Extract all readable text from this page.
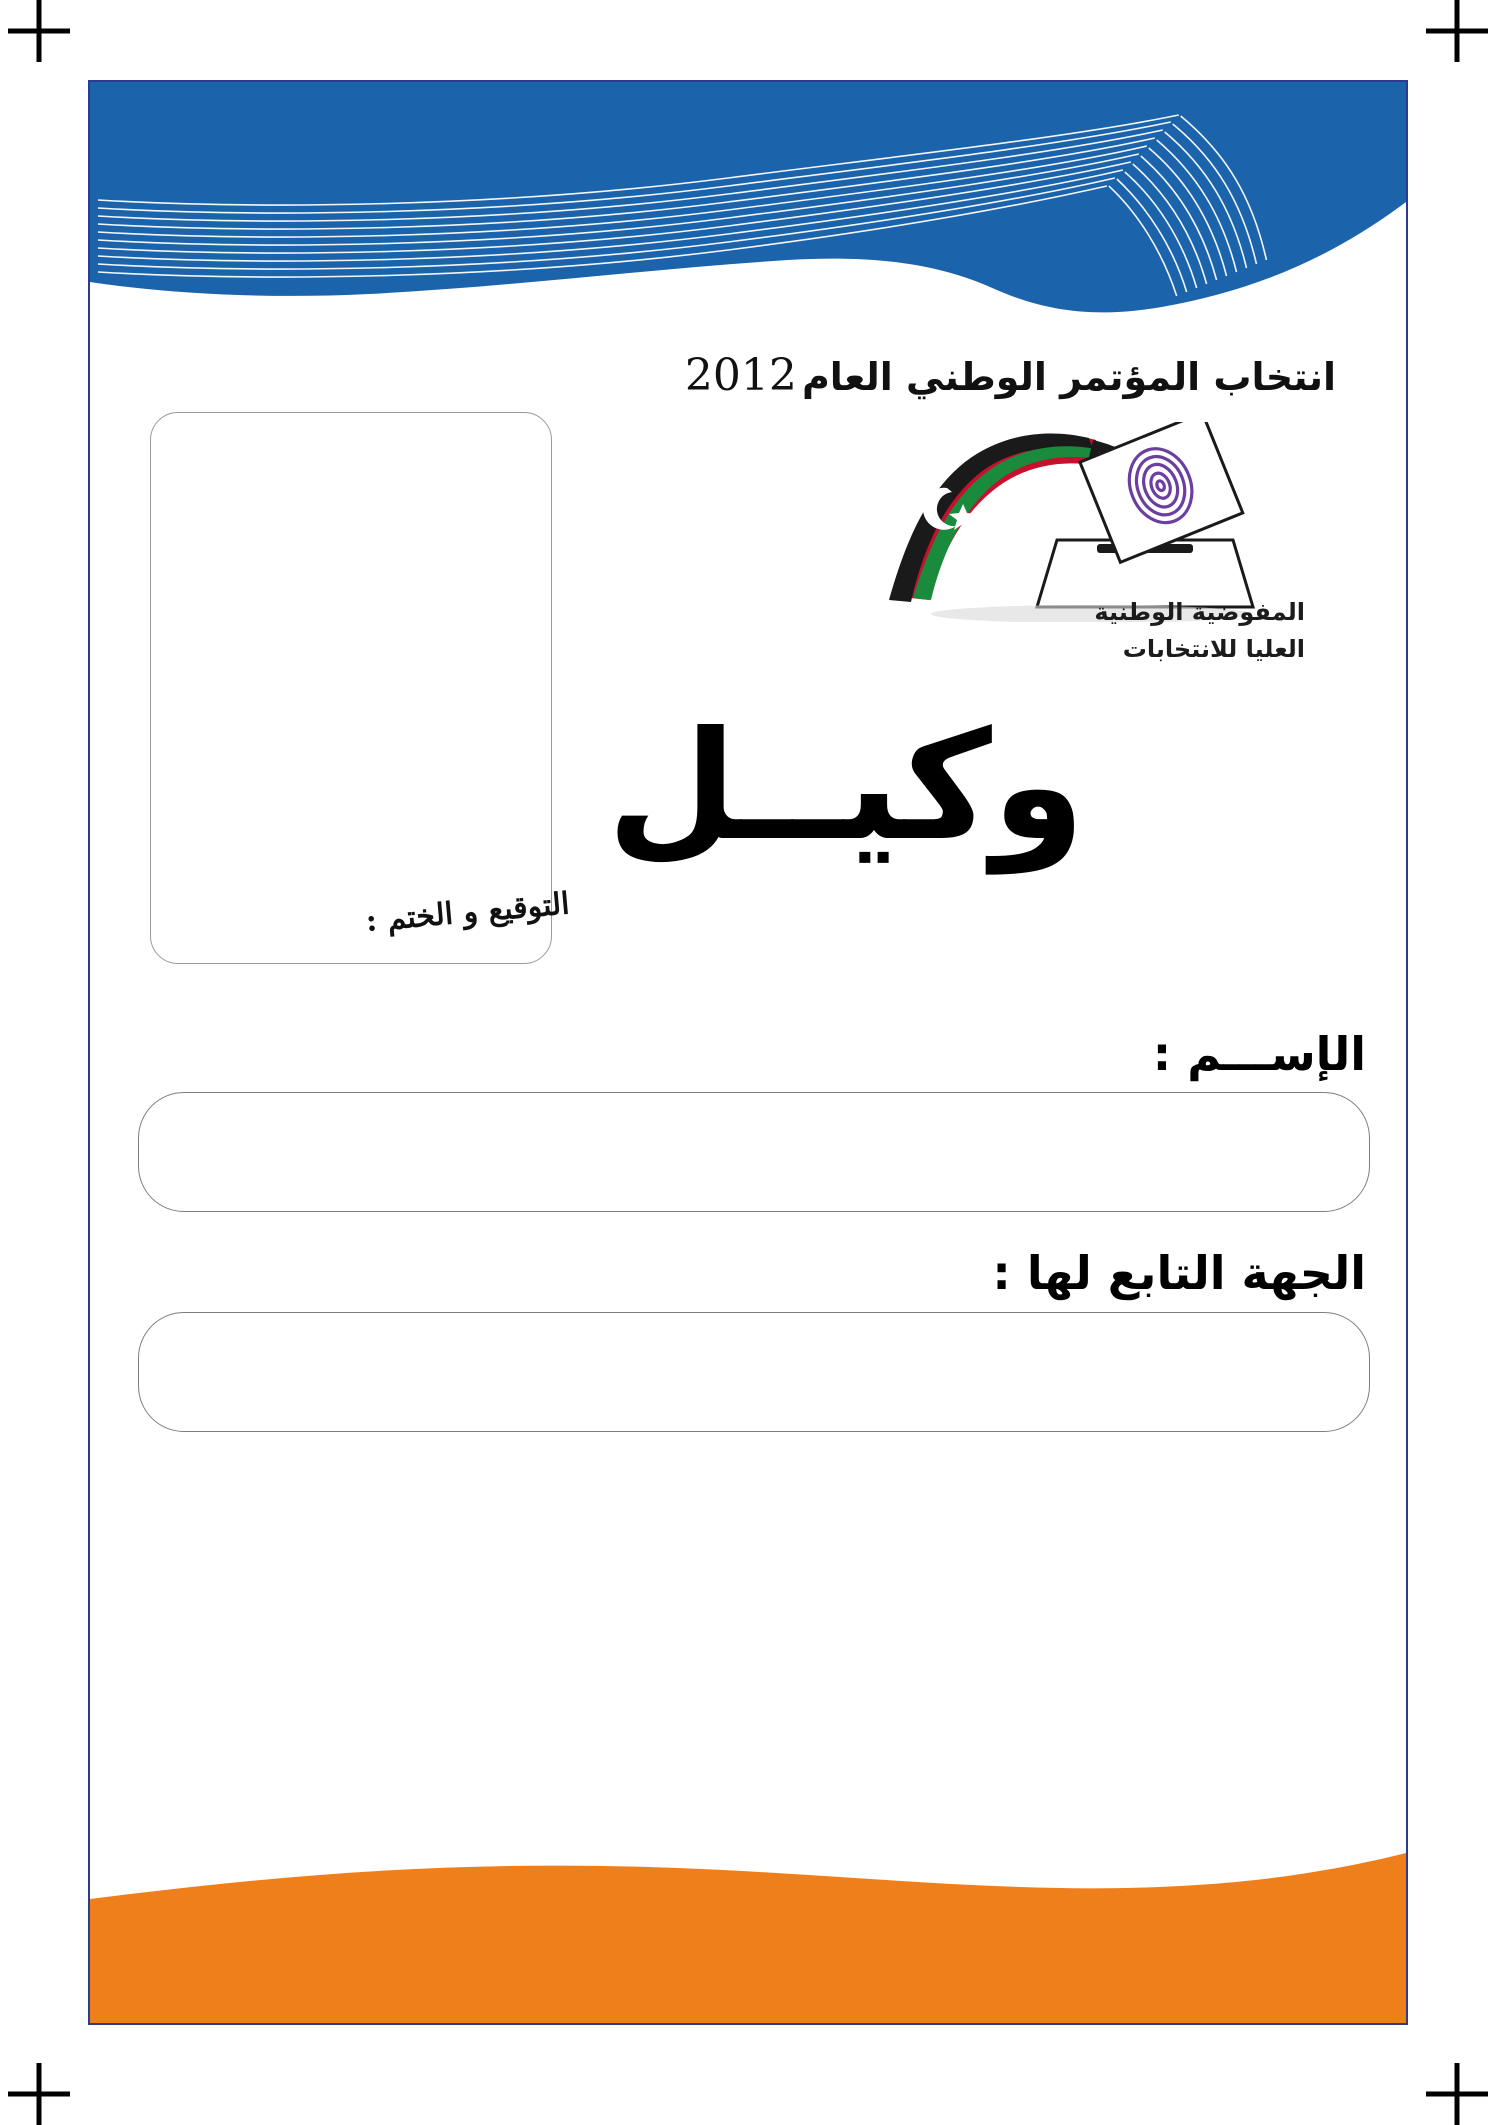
انتخاب المؤتمر الوطني العام 2012
المفوضية الوطنية
العليا للانتخابات
وكيــل
التوقيع و الختم :
الإســـم :
الجهة التابع لها :
